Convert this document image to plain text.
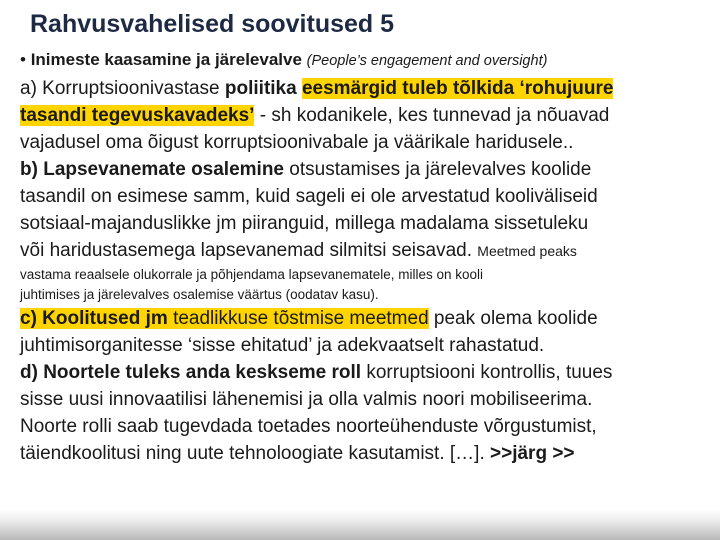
Rahvusvahelised soovitused 5
• Inimeste kaasamine ja järelevalve (People’s engagement and oversight)
a) Korruptsioonivastase poliitika eesmärgid tuleb tõlkida ‘rohujuure
tasandi tegevuskavadeks’ - sh kodanikele, kes tunnevad ja nõuavad
vajadusel oma õigust korruptsioonivabale ja väärikale haridusele..
b) Lapsevanemate osalemine otsustamises ja järelevalves koolide
tasandil on esimese samm, kuid sageli ei ole arvestatud kooliväliseid
sotsiaal-majanduslikke jm piiranguid, millega madalama sissetuleku
või haridustasemega lapsevanemad silmitsi seisavad. Meetmed peaks
vastama reaalsele olukorrale ja põhjendama lapsevanematele, milles on kooli
juhtimises ja järelevalves osalemise väärtus (oodatav kasu).
c) Koolitused jm teadlikkuse tõstmise meetmed peak olema koolide
juhtimisorganitesse ‘sisse ehitatud’ ja adekvaatselt rahastatud.
d) Noortele tuleks anda keskseme roll korruptsiooni kontrollis, tuues
sisse uusi innovaatilisi lähenemisi ja olla valmis noori mobiliseerima.
Noorte rolli saab tugevdada toetades noorteühenduste võrgustumist,
täiendkoolitusi ning uute tehnoloogiate kasutamist. […]. >>järg >>
